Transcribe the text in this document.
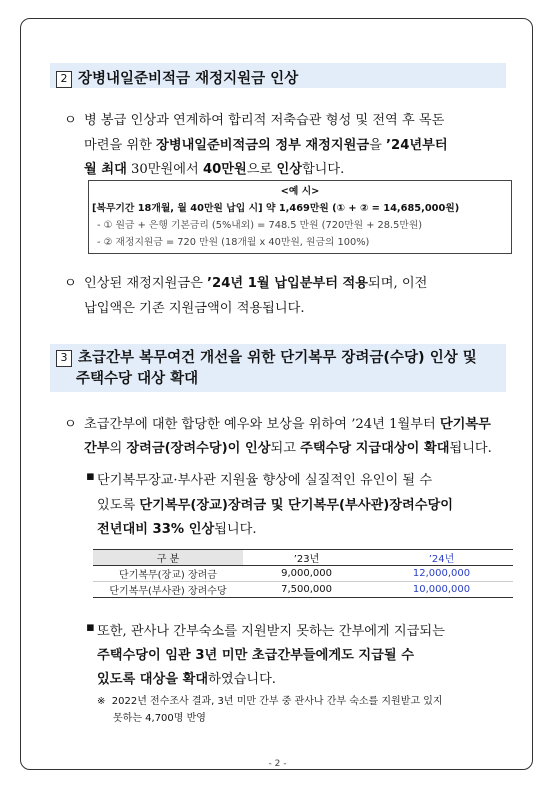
2 장병내일준비적금 재정지원금 인상
ㅇ 병 봉급 인상과 연계하여 합리적 저축습관 형성 및 전역 후 목돈
마련을 위한 장병내일준비적금의 정부 재정지원금을 ’24년부터
월 최대 30만원에서 40만원으로 인상합니다.
<예 시>
[복무기간 18개월, 월 40만원 납입 시] 약 1,469만원 (① + ② = 14,685,000원)
- ① 원금 + 은행 기본금리 (5%내외) = 748.5 만원 (720만원 + 28.5만원)
- ② 재정지원금 = 720 만원 (18개월 x 40만원, 원금의 100%)
ㅇ 인상된 재정지원금은 ’24년 1월 납입분부터 적용되며, 이전
납입액은 기존 지원금액이 적용됩니다.
3 초급간부 복무여건 개선을 위한 단기복무 장려금(수당) 인상 및
주택수당 대상 확대
ㅇ 초급간부에 대한 합당한 예우와 보상을 위하여 ’24년 1월부터 단기복무
간부의 장려금(장려수당)이 인상되고 주택수당 지급대상이 확대됩니다.
▪ 단기복무장교·부사관 지원율 향상에 실질적인 유인이 될 수
있도록 단기복무(장교)장려금 및 단기복무(부사관)장려수당이
전년대비 33% 인상됩니다.
구 분	’23년	’24년
단기복무(장교) 장려금	9,000,000	12,000,000
단기복무(부사관) 장려수당	7,500,000	10,000,000
▪ 또한, 관사나 간부숙소를 지원받지 못하는 간부에게 지급되는
주택수당이 임관 3년 미만 초급간부들에게도 지급될 수
있도록 대상을 확대하였습니다.
※ 2022년 전수조사 결과, 3년 미만 간부 중 관사나 간부 숙소를 지원받고 있지
못하는 4,700명 반영
- 2 -
